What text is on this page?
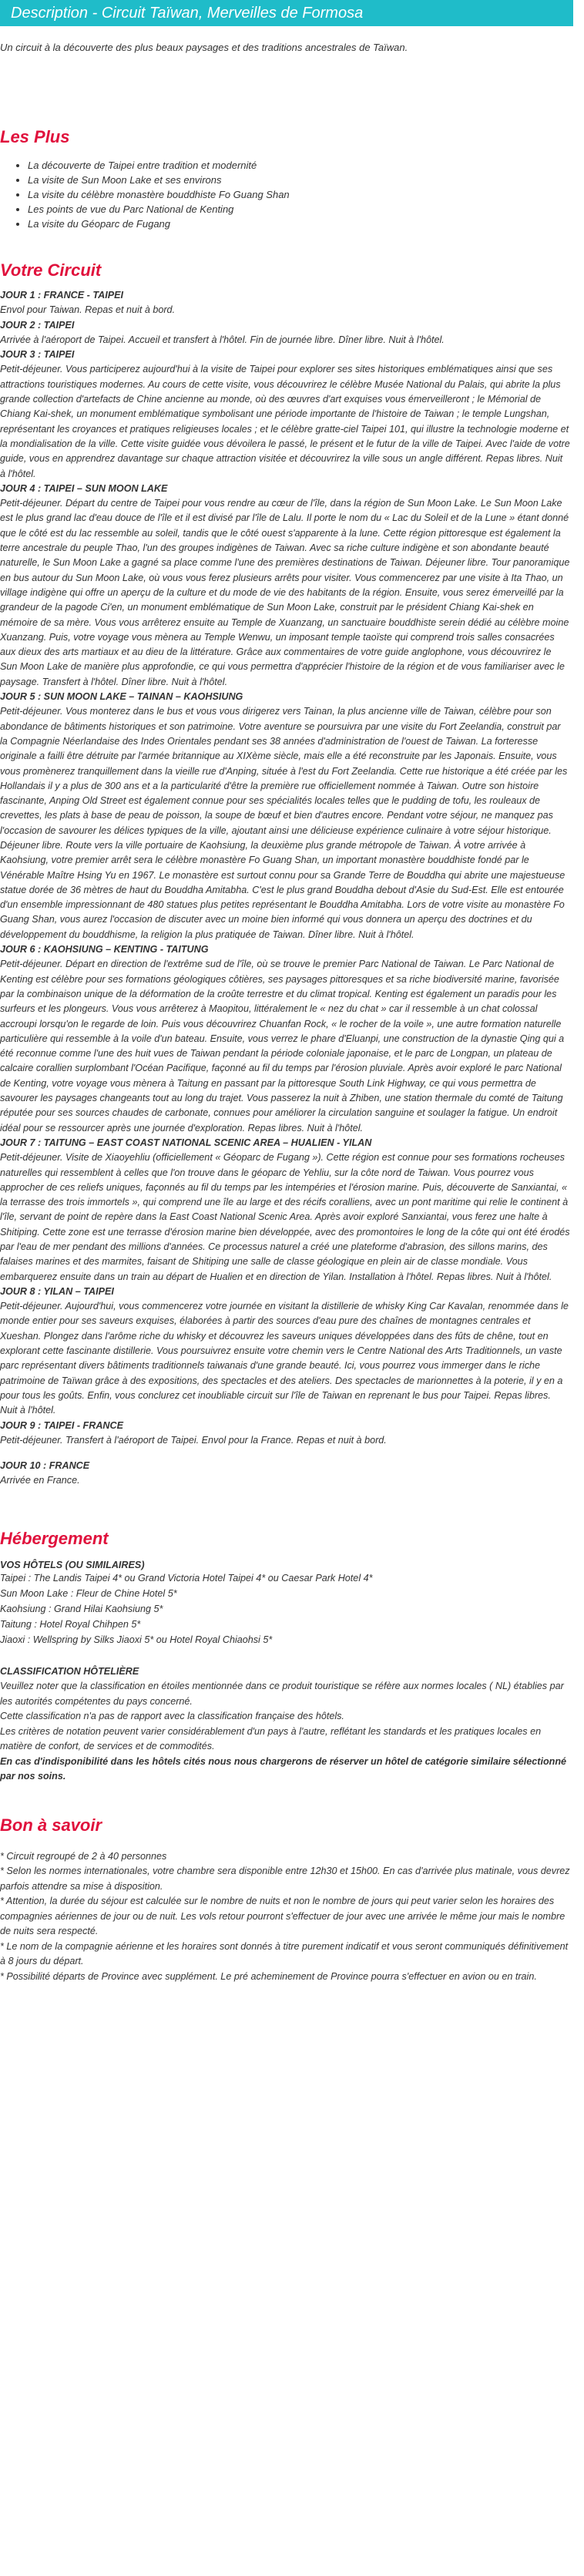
Description - Circuit Taïwan, Merveilles de Formosa

Un circuit à la découverte des plus beaux paysages et des traditions ancestrales de Taïwan.

Les Plus
• La découverte de Taipei entre tradition et modernité
• La visite de Sun Moon Lake et ses environs
• La visite du célèbre monastère bouddhiste Fo Guang Shan
• Les points de vue du Parc National de Kenting
• La visite du Géoparc de Fugang
Votre Circuit
JOUR 1 : FRANCE - TAIPEI
Envol pour Taiwan. Repas et nuit à bord.
JOUR 2 : TAIPEI
Arrivée à l'aéroport de Taipei. Accueil et transfert à l'hôtel. Fin de journée libre. Dîner libre. Nuit à l'hôtel.
JOUR 3 : TAIPEI
Petit-déjeuner. Vous participerez aujourd'hui à la visite de Taipei pour explorer ses sites historiques emblématiques ainsi que ses attractions touristiques modernes. Au cours de cette visite, vous découvrirez le célèbre Musée National du Palais, qui abrite la plus grande collection d'artefacts de Chine ancienne au monde, où des œuvres d'art exquises vous émerveilleront ; le Mémorial de Chiang Kai-shek, un monument emblématique symbolisant une période importante de l'histoire de Taiwan ; le temple Lungshan, représentant les croyances et pratiques religieuses locales ; et le célèbre gratte-ciel Taipei 101, qui illustre la technologie moderne et la mondialisation de la ville. Cette visite guidée vous dévoilera le passé, le présent et le futur de la ville de Taipei. Avec l'aide de votre guide, vous en apprendrez davantage sur chaque attraction visitée et découvrirez la ville sous un angle différent. Repas libres. Nuit à l'hôtel.
JOUR 4 : TAIPEI – SUN MOON LAKE
Petit-déjeuner. Départ du centre de Taipei pour vous rendre au cœur de l'île, dans la région de Sun Moon Lake. Le Sun Moon Lake est le plus grand lac d'eau douce de l'île et il est divisé par l'île de Lalu. Il porte le nom du « Lac du Soleil et de la Lune » étant donné que le côté est du lac ressemble au soleil, tandis que le côté ouest s'apparente à la lune. Cette région pittoresque est également la terre ancestrale du peuple Thao, l'un des groupes indigènes de Taiwan. Avec sa riche culture indigène et son abondante beauté naturelle, le Sun Moon Lake a gagné sa place comme l'une des premières destinations de Taiwan. Déjeuner libre. Tour panoramique en bus autour du Sun Moon Lake, où vous vous ferez plusieurs arrêts pour visiter. Vous commencerez par une visite à Ita Thao, un village indigène qui offre un aperçu de la culture et du mode de vie des habitants de la région. Ensuite, vous serez émerveillé par la grandeur de la pagode Ci'en, un monument emblématique de Sun Moon Lake, construit par le président Chiang Kai-shek en mémoire de sa mère. Vous vous arrêterez ensuite au Temple de Xuanzang, un sanctuaire bouddhiste serein dédié au célèbre moine Xuanzang. Puis, votre voyage vous mènera au Temple Wenwu, un imposant temple taoïste qui comprend trois salles consacrées aux dieux des arts martiaux et au dieu de la littérature. Grâce aux commentaires de votre guide anglophone, vous découvrirez le Sun Moon Lake de manière plus approfondie, ce qui vous permettra d'apprécier l'histoire de la région et de vous familiariser avec le paysage. Transfert à l'hôtel. Dîner libre. Nuit à l'hôtel.
JOUR 5 : SUN MOON LAKE – TAINAN – KAOHSIUNG
Petit-déjeuner. Vous monterez dans le bus et vous vous dirigerez vers Tainan, la plus ancienne ville de Taiwan, célèbre pour son abondance de bâtiments historiques et son patrimoine. Votre aventure se poursuivra par une visite du Fort Zeelandia, construit par la Compagnie Néerlandaise des Indes Orientales pendant ses 38 années d'administration de l'ouest de Taiwan. La forteresse originale a failli être détruite par l'armée britannique au XIXème siècle, mais elle a été reconstruite par les Japonais. Ensuite, vous vous promènerez tranquillement dans la vieille rue d'Anping, située à l'est du Fort Zeelandia. Cette rue historique a été créée par les Hollandais il y a plus de 300 ans et a la particularité d'être la première rue officiellement nommée à Taiwan. Outre son histoire fascinante, Anping Old Street est également connue pour ses spécialités locales telles que le pudding de tofu, les rouleaux de crevettes, les plats à base de peau de poisson, la soupe de bœuf et bien d'autres encore. Pendant votre séjour, ne manquez pas l'occasion de savourer les délices typiques de la ville, ajoutant ainsi une délicieuse expérience culinaire à votre séjour historique. Déjeuner libre. Route vers la ville portuaire de Kaohsiung, la deuxième plus grande métropole de Taiwan. À votre arrivée à Kaohsiung, votre premier arrêt sera le célèbre monastère Fo Guang Shan, un important monastère bouddhiste fondé par le Vénérable Maître Hsing Yu en 1967. Le monastère est surtout connu pour sa Grande Terre de Bouddha qui abrite une majestueuse statue dorée de 36 mètres de haut du Bouddha Amitabha. C'est le plus grand Bouddha debout d'Asie du Sud-Est. Elle est entourée d'un ensemble impressionnant de 480 statues plus petites représentant le Bouddha Amitabha. Lors de votre visite au monastère Fo Guang Shan, vous aurez l'occasion de discuter avec un moine bien informé qui vous donnera un aperçu des doctrines et du développement du bouddhisme, la religion la plus pratiquée de Taiwan. Dîner libre. Nuit à l'hôtel.
JOUR 6 : KAOHSIUNG – KENTING - TAITUNG
Petit-déjeuner. Départ en direction de l'extrême sud de l'île, où se trouve le premier Parc National de Taiwan. Le Parc National de Kenting est célèbre pour ses formations géologiques côtières, ses paysages pittoresques et sa riche biodiversité marine, favorisée par la combinaison unique de la déformation de la croûte terrestre et du climat tropical. Kenting est également un paradis pour les surfeurs et les plongeurs. Vous vous arrêterez à Maopitou, littéralement le « nez du chat » car il ressemble à un chat colossal accroupi lorsqu'on le regarde de loin. Puis vous découvrirez Chuanfan Rock, « le rocher de la voile », une autre formation naturelle particulière qui ressemble à la voile d'un bateau. Ensuite, vous verrez le phare d'Eluanpi, une construction de la dynastie Qing qui a été reconnue comme l'une des huit vues de Taiwan pendant la période coloniale japonaise, et le parc de Longpan, un plateau de calcaire corallien surplombant l'Océan Pacifique, façonné au fil du temps par l'érosion pluviale. Après avoir exploré le parc National de Kenting, votre voyage vous mènera à Taitung en passant par la pittoresque South Link Highway, ce qui vous permettra de savourer les paysages changeants tout au long du trajet. Vous passerez la nuit à Zhiben, une station thermale du comté de Taitung réputée pour ses sources chaudes de carbonate, connues pour améliorer la circulation sanguine et soulager la fatigue. Un endroit idéal pour se ressourcer après une journée d'exploration. Repas libres. Nuit à l'hôtel.
JOUR 7 : TAITUNG – EAST COAST NATIONAL SCENIC AREA – HUALIEN - YILAN
Petit-déjeuner. Visite de Xiaoyehliu (officiellement « Géoparc de Fugang »). Cette région est connue pour ses formations rocheuses naturelles qui ressemblent à celles que l'on trouve dans le géoparc de Yehliu, sur la côte nord de Taiwan. Vous pourrez vous approcher de ces reliefs uniques, façonnés au fil du temps par les intempéries et l'érosion marine. Puis, découverte de Sanxiantai, « la terrasse des trois immortels », qui comprend une île au large et des récifs coralliens, avec un pont maritime qui relie le continent à l'île, servant de point de repère dans la East Coast National Scenic Area. Après avoir exploré Sanxiantai, vous ferez une halte à Shitiping. Cette zone est une terrasse d'érosion marine bien développée, avec des promontoires le long de la côte qui ont été érodés par l'eau de mer pendant des millions d'années. Ce processus naturel a créé une plateforme d'abrasion, des sillons marins, des falaises marines et des marmites, faisant de Shitiping une salle de classe géologique en plein air de classe mondiale. Vous embarquerez ensuite dans un train au départ de Hualien et en direction de Yilan. Installation à l'hôtel. Repas libres. Nuit à l'hôtel.
JOUR 8 : YILAN – TAIPEI
Petit-déjeuner. Aujourd'hui, vous commencerez votre journée en visitant la distillerie de whisky King Car Kavalan, renommée dans le monde entier pour ses saveurs exquises, élaborées à partir des sources d'eau pure des chaînes de montagnes centrales et Xueshan. Plongez dans l'arôme riche du whisky et découvrez les saveurs uniques développées dans des fûts de chêne, tout en explorant cette fascinante distillerie. Vous poursuivrez ensuite votre chemin vers le Centre National des Arts Traditionnels, un vaste parc représentant divers bâtiments traditionnels taiwanais d'une grande beauté. Ici, vous pourrez vous immerger dans le riche patrimoine de Taïwan grâce à des expositions, des spectacles et des ateliers. Des spectacles de marionnettes à la poterie, il y en a pour tous les goûts. Enfin, vous conclurez cet inoubliable circuit sur l'île de Taiwan en reprenant le bus pour Taipei. Repas libres. Nuit à l'hôtel.
JOUR 9 : TAIPEI - FRANCE
Petit-déjeuner. Transfert à l'aéroport de Taipei. Envol pour la France. Repas et nuit à bord.
JOUR 10 : FRANCE
Arrivée en France.
Hébergement
VOS HÔTELS (OU SIMILAIRES)
Taipei : The Landis Taipei 4* ou Grand Victoria Hotel Taipei 4* ou Caesar Park Hotel 4*
Sun Moon Lake : Fleur de Chine Hotel 5*
Kaohsiung : Grand Hilai Kaohsiung 5*
Taitung : Hotel Royal Chihpen 5*
Jiaoxi : Wellspring by Silks Jiaoxi 5* ou Hotel Royal Chiaohsi 5*
CLASSIFICATION HÔTELIÈRE
Veuillez noter que la classification en étoiles mentionnée dans ce produit touristique se réfère aux normes locales ( NL) établies par les autorités compétentes du pays concerné.
Cette classification n'a pas de rapport avec la classification française des hôtels.
Les critères de notation peuvent varier considérablement d'un pays à l'autre, reflétant les standards et les pratiques locales en matière de confort, de services et de commodités.
En cas d'indisponibilité dans les hôtels cités nous nous chargerons de réserver un hôtel de catégorie similaire sélectionné par nos soins.
Bon à savoir
* Circuit regroupé de 2 à 40 personnes
* Selon les normes internationales, votre chambre sera disponible entre 12h30 et 15h00. En cas d'arrivée plus matinale, vous devrez parfois attendre sa mise à disposition.
* Attention, la durée du séjour est calculée sur le nombre de nuits et non le nombre de jours qui peut varier selon les horaires des compagnies aériennes de jour ou de nuit. Les vols retour pourront s'effectuer de jour avec une arrivée le même jour mais le nombre de nuits sera respecté.
* Le nom de la compagnie aérienne et les horaires sont donnés à titre purement indicatif et vous seront communiqués définitivement à 8 jours du départ.
* Possibilité départs de Province avec supplément. Le pré acheminement de Province pourra s'effectuer en avion ou en train.
